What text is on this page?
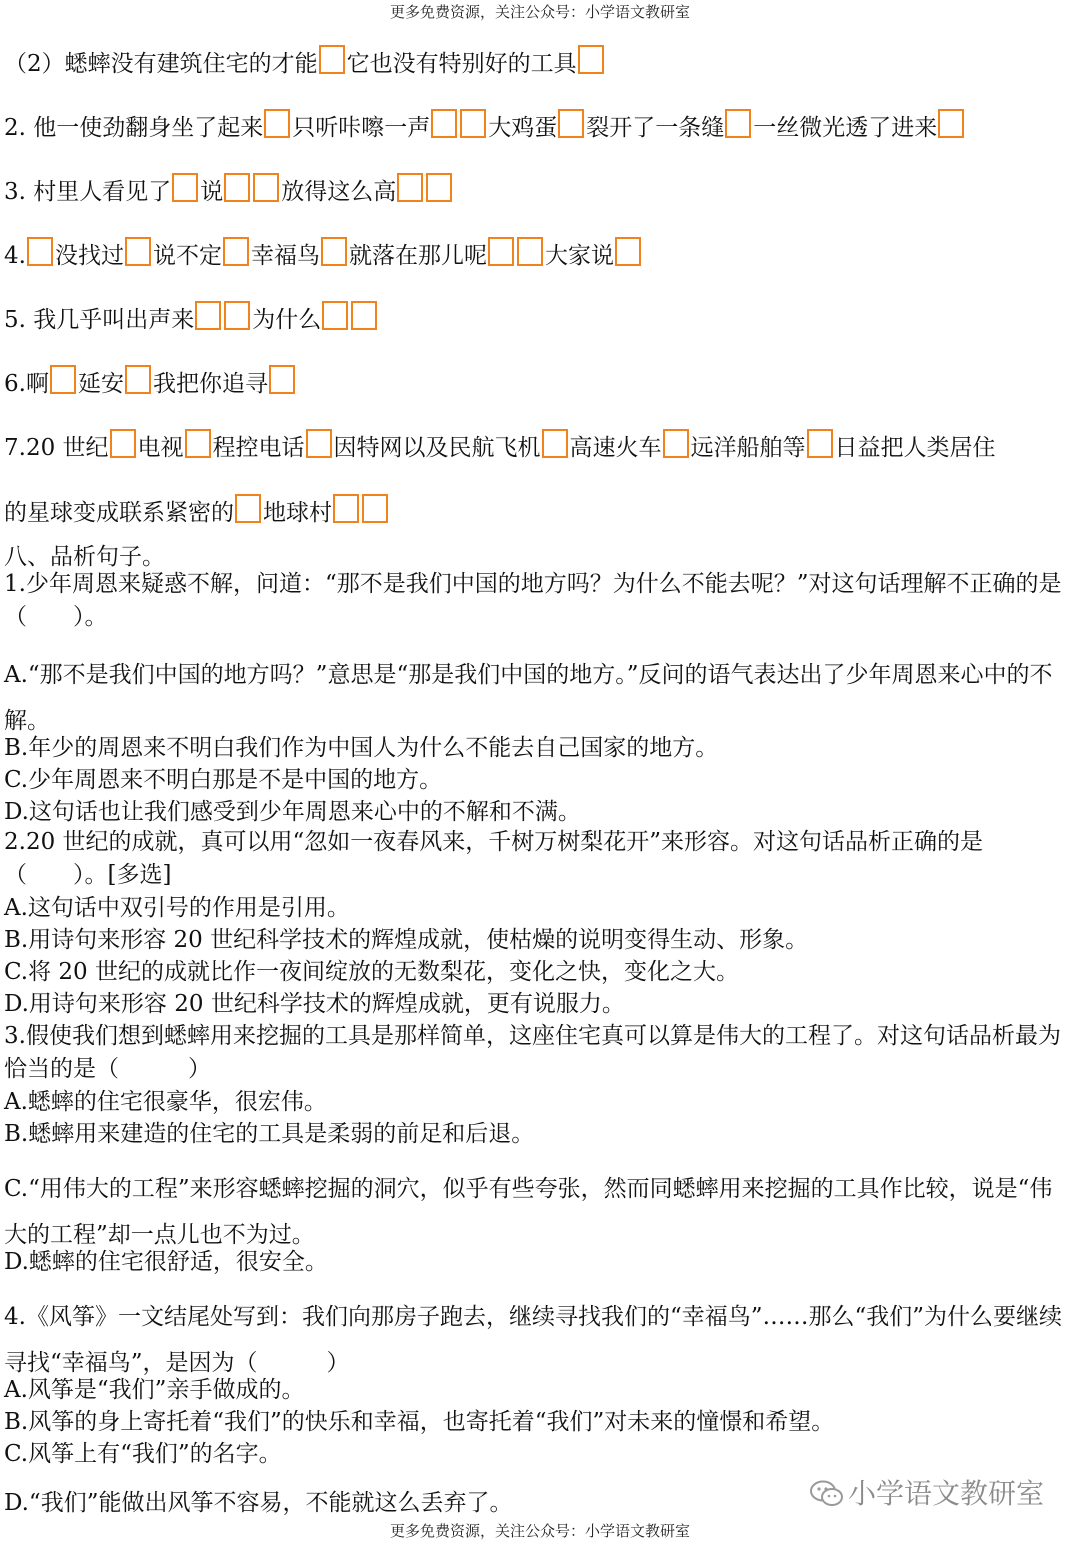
更多免费资源，关注公众号：小学语文教研室
（2）蟋蟀没有建筑住宅的才能 它也没有特别好的工具
2. 他一使劲翻身坐了起来 只听咔嚓一声	大鸡蛋 裂开了一条缝 一丝微光透了进来
3. 村里人看见了 说	放得这么高
4. 没找过 说不定 幸福鸟 就落在那儿呢	大家说
5. 我几乎叫出声来	为什么
6.啊 延安 我把你追寻
7.20 世纪 电视 程控电话 因特网以及民航飞机 高速火车 远洋船舶等 日益把人类居住
的星球变成联系紧密的 地球村
八、品析句子。
1.少年周恩来疑惑不解，问道：“那不是我们中国的地方吗？为什么不能去呢？”对这句话理解不正确的是（　　）。
A.“那不是我们中国的地方吗？”意思是“那是我们中国的地方。”反问的语气表达出了少年周恩来心中的不解。
B.年少的周恩来不明白我们作为中国人为什么不能去自己国家的地方。
C.少年周恩来不明白那是不是中国的地方。
D.这句话也让我们感受到少年周恩来心中的不解和不满。
2.20 世纪的成就，真可以用“忽如一夜春风来，千树万树梨花开”来形容。对这句话品析正确的是（　　）。[多选]
A.这句话中双引号的作用是引用。
B.用诗句来形容 20 世纪科学技术的辉煌成就，使枯燥的说明变得生动、形象。
C.将 20 世纪的成就比作一夜间绽放的无数梨花，变化之快，变化之大。
D.用诗句来形容 20 世纪科学技术的辉煌成就，更有说服力。
3.假使我们想到蟋蟀用来挖掘的工具是那样简单，这座住宅真可以算是伟大的工程了。对这句话品析最为恰当的是（　　　）
A.蟋蟀的住宅很豪华，很宏伟。
B.蟋蟀用来建造的住宅的工具是柔弱的前足和后退。
C.“用伟大的工程”来形容蟋蟀挖掘的洞穴，似乎有些夸张，然而同蟋蟀用来挖掘的工具作比较，说是“伟大的工程”却一点儿也不为过。
D.蟋蟀的住宅很舒适，很安全。
4.《风筝》一文结尾处写到：我们向那房子跑去，继续寻找我们的“幸福鸟”……那么“我们”为什么要继续寻找“幸福鸟”，是因为（　　　）
A.风筝是“我们”亲手做成的。
B.风筝的身上寄托着“我们”的快乐和幸福，也寄托着“我们”对未来的憧憬和希望。
C.风筝上有“我们”的名字。
D.“我们”能做出风筝不容易，不能就这么丢弃了。	小学语文教研室
更多免费资源，关注公众号：小学语文教研室
